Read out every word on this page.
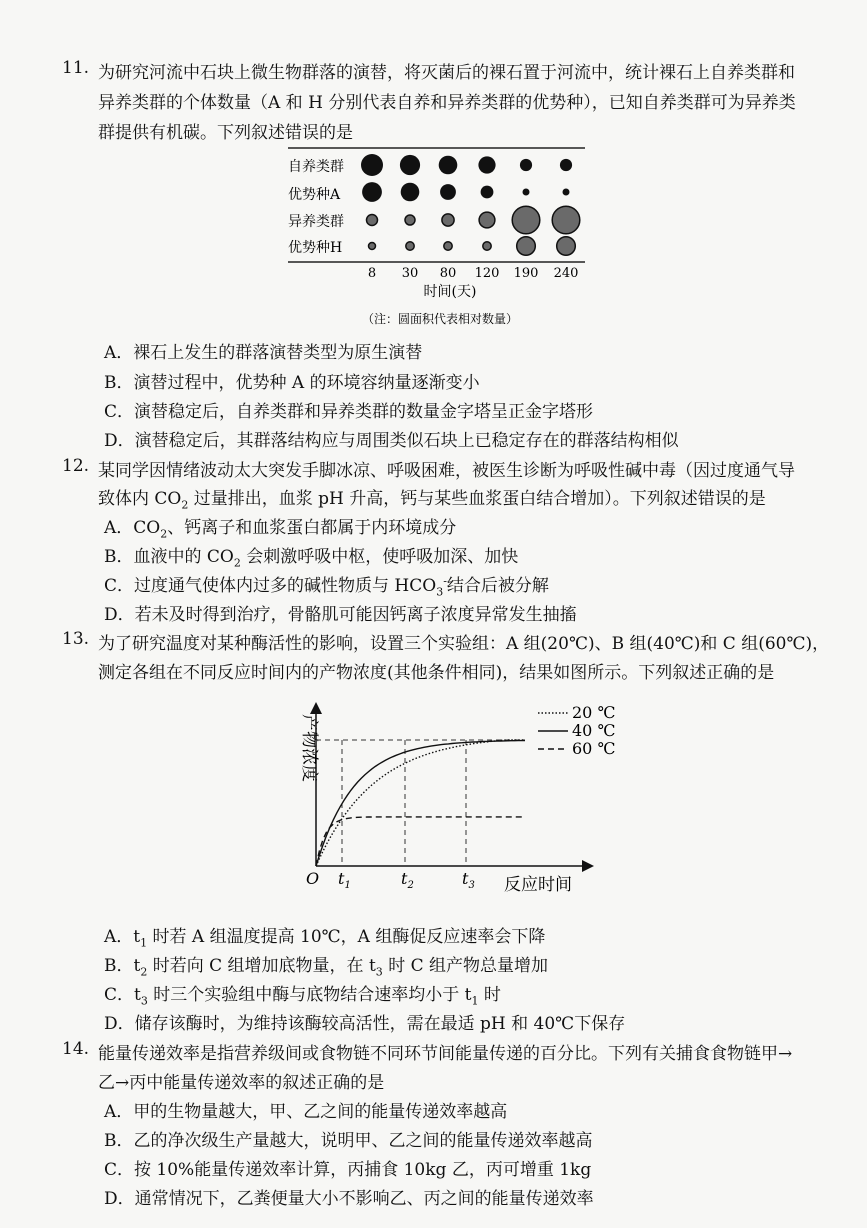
11. 为研究河流中石块上微生物群落的演替，将灭菌后的裸石置于河流中，统计裸石上自养类群和
异养类群的个体数量（A 和 H 分别代表自养和异养类群的优势种），已知自养类群可为异养类
群提供有机碳。下列叙述错误的是
自养类群
优势种A
异养类群
优势种H
8 30 80 120 190 240
时间(天)
（注：圆面积代表相对数量）
A．裸石上发生的群落演替类型为原生演替
B．演替过程中，优势种 A 的环境容纳量逐渐变小
C．演替稳定后，自养类群和异养类群的数量金字塔呈正金字塔形
D．演替稳定后，其群落结构应与周围类似石块上已稳定存在的群落结构相似
12. 某同学因情绪波动太大突发手脚冰凉、呼吸困难，被医生诊断为呼吸性碱中毒（因过度通气导
致体内 $CO_2$ 过量排出，血浆 pH 升高，钙与某些血浆蛋白结合增加）。下列叙述错误的是
A．$CO_2$、钙离子和血浆蛋白都属于内环境成分
B．血液中的 $CO_2$ 会刺激呼吸中枢，使呼吸加深、加快
C．过度通气使体内过多的碱性物质与 $HCO_3^-$结合后被分解
D．若未及时得到治疗，骨骼肌可能因钙离子浓度异常发生抽搐
13. 为了研究温度对某种酶活性的影响，设置三个实验组：A 组(20℃)、B 组(40℃)和 C 组(60℃)，
测定各组在不同反应时间内的产物浓度(其他条件相同)，结果如图所示。下列叙述正确的是
产物浓度
反应时间
O $t_1$	$t_2$	$t_3$
20 ℃
40 ℃
60 ℃
A．$t_1$ 时若 A 组温度提高 10℃，A 组酶促反应速率会下降
B．$t_2$ 时若向 C 组增加底物量，在 $t_3$ 时 C 组产物总量增加
C．$t_3$ 时三个实验组中酶与底物结合速率均小于 $t_1$ 时
D．储存该酶时，为维持该酶较高活性，需在最适 pH 和 40℃下保存
14. 能量传递效率是指营养级间或食物链不同环节间能量传递的百分比。下列有关捕食食物链甲→
乙→丙中能量传递效率的叙述正确的是
A．甲的生物量越大，甲、乙之间的能量传递效率越高
B．乙的净次级生产量越大，说明甲、乙之间的能量传递效率越高
C．按 10%能量传递效率计算，丙捕食 10kg 乙，丙可增重 1kg
D．通常情况下，乙粪便量大小不影响乙、丙之间的能量传递效率
